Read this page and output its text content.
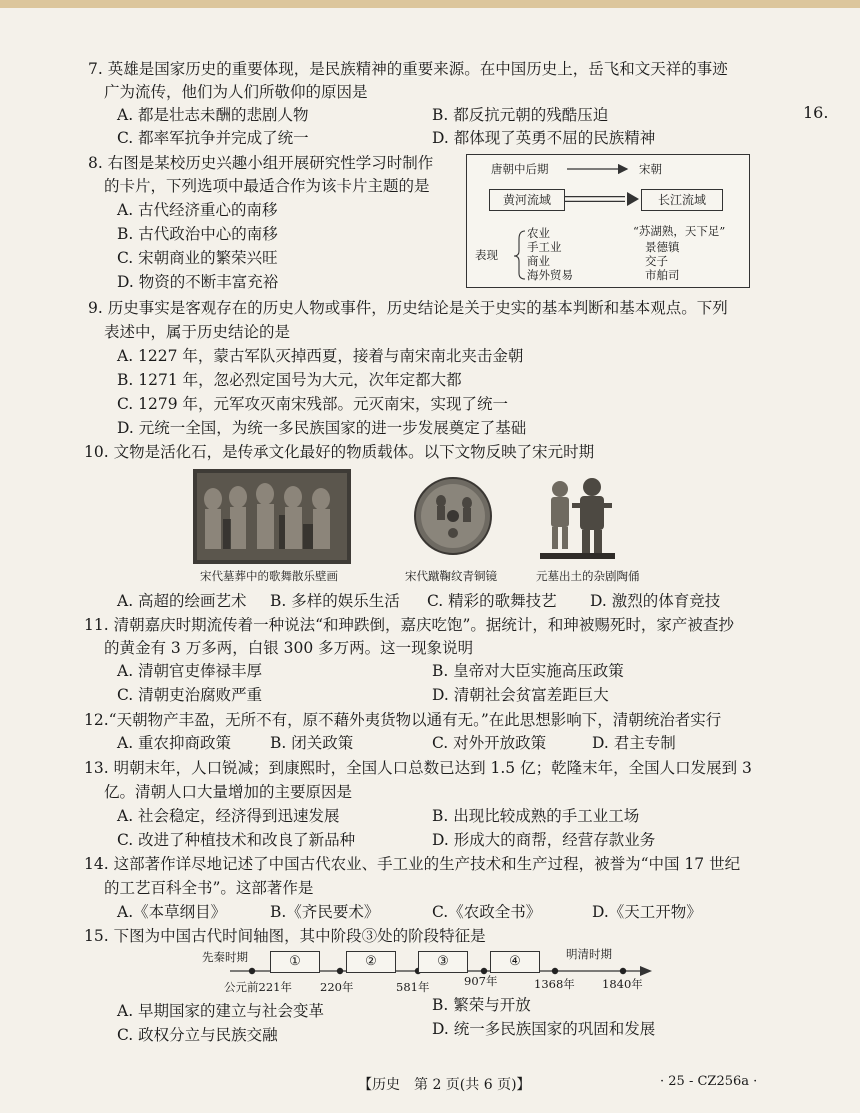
7. 英雄是国家历史的重要体现，是民族精神的重要来源。在中国历史上，岳飞和文天祥的事迹
广为流传，他们为人们所敬仰的原因是
A. 都是壮志未酬的悲剧人物	B. 都反抗元朝的残酷压迫
C. 都率军抗争并完成了统一	D. 都体现了英勇不屈的民族精神
16.
8. 右图是某校历史兴趣小组开展研究性学习时制作
的卡片，下列选项中最适合作为该卡片主题的是
A. 古代经济重心的南移
B. 古代政治中心的南移
C. 宋朝商业的繁荣兴旺
D. 物资的不断丰富充裕
唐朝中后期	宋朝
黄河流域	长江流域
表现
农业
手工业
商业
海外贸易
“苏湖熟，天下足”
景德镇
交子
市舶司
9. 历史事实是客观存在的历史人物或事件，历史结论是关于史实的基本判断和基本观点。下列
表述中，属于历史结论的是
A. 1227 年，蒙古军队灭掉西夏，接着与南宋南北夹击金朝
B. 1271 年，忽必烈定国号为大元，次年定都大都
C. 1279 年，元军攻灭南宋残部。元灭南宋，实现了统一
D. 元统一全国，为统一多民族国家的进一步发展奠定了基础
10. 文物是活化石，是传承文化最好的物质载体。以下文物反映了宋元时期
宋代墓葬中的歌舞散乐壁画	宋代蹴鞠纹青铜镜	元墓出土的杂剧陶俑
A. 高超的绘画艺术 B. 多样的娱乐生活 C. 精彩的歌舞技艺 D. 激烈的体育竞技
11. 清朝嘉庆时期流传着一种说法“和珅跌倒，嘉庆吃饱”。据统计，和珅被赐死时，家产被查抄
的黄金有 3 万多两，白银 300 多万两。这一现象说明
A. 清朝官吏俸禄丰厚	B. 皇帝对大臣实施高压政策
C. 清朝吏治腐败严重	D. 清朝社会贫富差距巨大
12.“天朝物产丰盈，无所不有，原不藉外夷货物以通有无。”在此思想影响下，清朝统治者实行
A. 重农抑商政策	B. 闭关政策	C. 对外开放政策	D. 君主专制
13. 明朝末年，人口锐减；到康熙时，全国人口总数已达到 1.5 亿；乾隆末年，全国人口发展到 3
亿。清朝人口大量增加的主要原因是
A. 社会稳定，经济得到迅速发展	B. 出现比较成熟的手工业工场
C. 改进了种植技术和改良了新品种	D. 形成大的商帮，经营存款业务
14. 这部著作详尽地记述了中国古代农业、手工业的生产技术和生产过程，被誉为“中国 17 世纪
的工艺百科全书”。这部著作是
A.《本草纲目》	B.《齐民要术》	C.《农政全书》	D.《天工开物》
15. 下图为中国古代时间轴图，其中阶段③处的阶段特征是
先秦时期	明清时期
①	②	③	④
公元前221年 220年	581年	907年	1368年 1840年
A. 早期国家的建立与社会变革	B. 繁荣与开放
C. 政权分立与民族交融	D. 统一多民族国家的巩固和发展
【历史　第 2 页(共 6 页)】	· 25 - CZ256a ·
